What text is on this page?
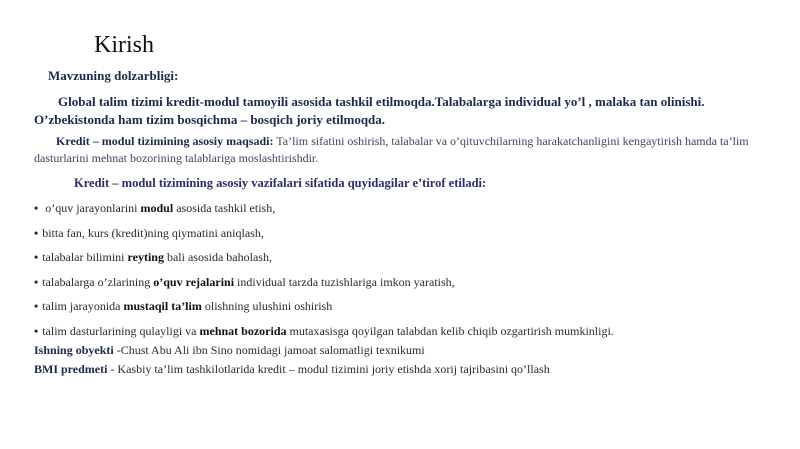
Kirish
Mavzuning dolzarbligi:
Global talim tizimi kredit-modul tamoyili asosida tashkil etilmoqda.Talabalarga individual yo’l , malaka tan olinishi. O’zbekistonda ham tizim bosqichma – bosqich joriy etilmoqda.
Kredit – modul tizimining asosiy maqsadi: Ta’lim sifatini oshirish, talabalar va o’qituvchilarning harakatchanligini kengaytirish hamda ta’lim dasturlarini mehnat bozorining talablariga moslashtirishdir.
Kredit – modul tizimining asosiy vazifalari sifatida quyidagilar e’tirof etiladi:
• o’quv jarayonlarini modul asosida tashkil etish,
• bitta fan, kurs (kredit)ning qiymatini aniqlash,
• talabalar bilimini reyting bali asosida baholash,
• talabalarga o’zlarining o’quv rejalarini individual tarzda tuzishlariga imkon yaratish,
• talim jarayonida mustaqil ta’lim olishning ulushini oshirish
• talim dasturlarining qulayligi va mehnat bozorida mutaxasisga qoyilgan talabdan kelib chiqib ozgartirish mumkinligi.
Ishning obyekti -Chust Abu Ali ibn Sino nomidagi jamoat salomatligi texnikumi
BMI predmeti - Kasbiy ta’lim tashkilotlarida kredit – modul tizimini joriy etishda xorij tajribasini qo’llash
